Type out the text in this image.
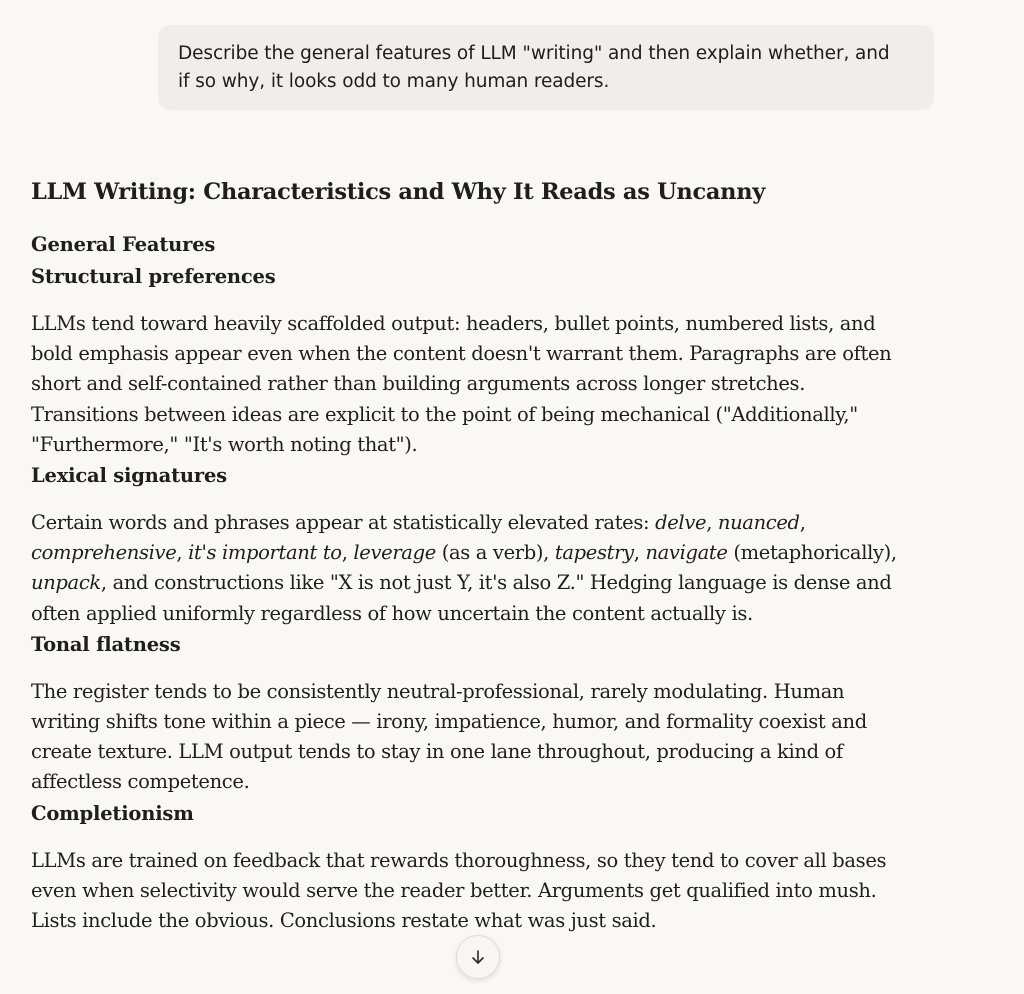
Describe the general features of LLM "writing" and then explain whether, and
if so why, it looks odd to many human readers.
LLM Writing: Characteristics and Why It Reads as Uncanny
General Features
Structural preferences

LLMs tend toward heavily scaffolded output: headers, bullet points, numbered lists, and bold emphasis appear even when the content doesn't warrant them. Paragraphs are often short and self-contained rather than building arguments across longer stretches. Transitions between ideas are explicit to the point of being mechanical ("Additionally," "Furthermore," "It's worth noting that").

Lexical signatures

Certain words and phrases appear at statistically elevated rates: delve, nuanced, comprehensive, it's important to, leverage (as a verb), tapestry, navigate (metaphorically), unpack, and constructions like "X is not just Y, it's also Z." Hedging language is dense and often applied uniformly regardless of how uncertain the content actually is.

Tonal flatness

The register tends to be consistently neutral-professional, rarely modulating. Human writing shifts tone within a piece — irony, impatience, humor, and formality coexist and create texture. LLM output tends to stay in one lane throughout, producing a kind of affectless competence.

Completionism

LLMs are trained on feedback that rewards thoroughness, so they tend to cover all bases even when selectivity would serve the reader better. Arguments get qualified into mush. Lists include the obvious. Conclusions restate what was just said.
